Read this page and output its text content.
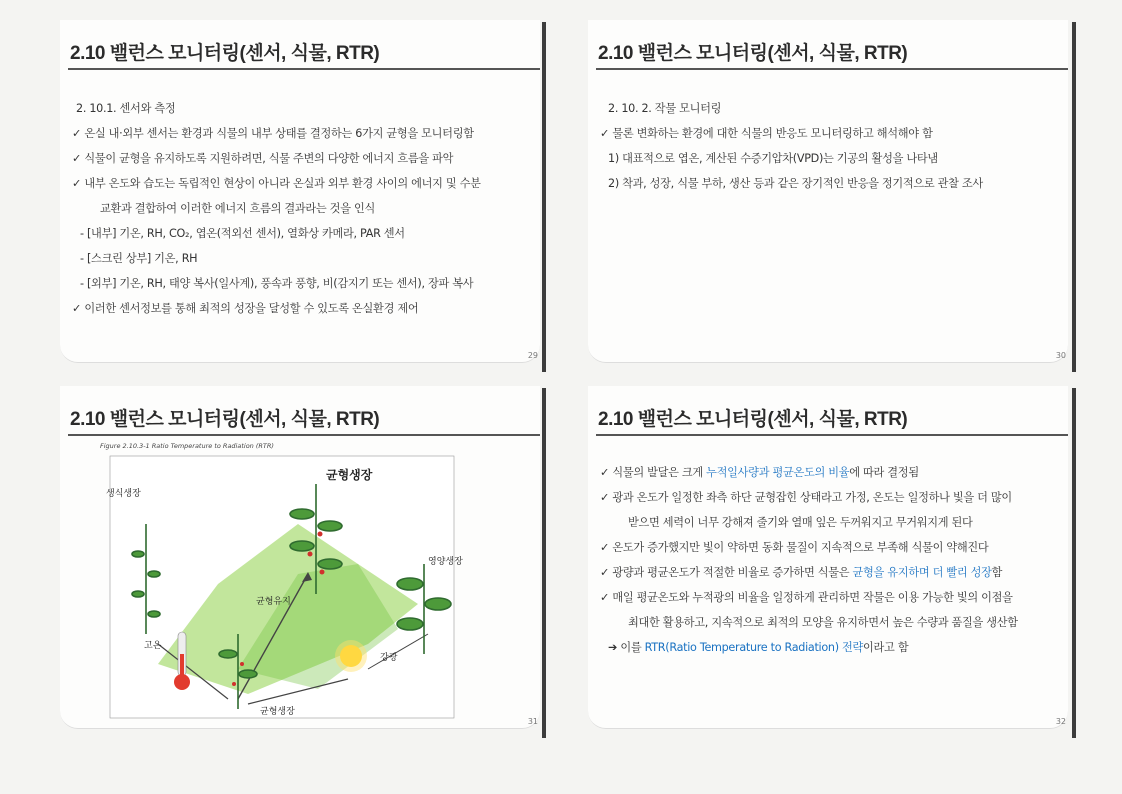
2.10 밸런스 모니터링(센서, 식물, RTR)
2. 10.1. 센서와 측정
✓ 온실 내·외부 센서는 환경과 식물의 내부 상태를 결정하는 6가지 균형을 모니터링함
✓ 식물이 균형을 유지하도록 지원하려면, 식물 주변의 다양한 에너지 흐름을 파악
✓ 내부 온도와 습도는 독립적인 현상이 아니라 온실과 외부 환경 사이의 에너지 및 수분
교환과 결합하여 이러한 에너지 흐름의 결과라는 것을 인식
- [내부] 기온, RH, CO₂, 엽온(적외선 센서), 열화상 카메라, PAR 센서
- [스크린 상부] 기온, RH
- [외부] 기온, RH, 태양 복사(일사계), 풍속과 풍향, 비(감지기 또는 센서), 장파 복사
✓ 이러한 센서정보를 통해 최적의 성장을 달성할 수 있도록 온실환경 제어
29
2.10 밸런스 모니터링(센서, 식물, RTR)
2. 10. 2. 작물 모니터링
✓ 물론 변화하는 환경에 대한 식물의 반응도 모니터링하고 해석해야 함
1) 대표적으로 엽온, 계산된 수증기압차(VPD)는 기공의 활성을 나타냄
2) 착과, 성장, 식물 부하, 생산 등과 같은 장기적인 반응을 정기적으로 관찰 조사
30
2.10 밸런스 모니터링(센서, 식물, RTR)
Figure 2.10.3-1 Ratio Temperature to Radiation (RTR)
균형생장
생식생장
영양생장
균형유지
고온
강광
균형생장
31
2.10 밸런스 모니터링(센서, 식물, RTR)
✓ 식물의 발달은 크게 누적일사량과 평균온도의 비율에 따라 결정됨
✓ 광과 온도가 일정한 좌측 하단 균형잡힌 상태라고 가정, 온도는 일정하나 빛을 더 많이
받으면 세력이 너무 강해져 줄기와 열매 잎은 두꺼워지고 무거워지게 된다
✓ 온도가 증가했지만 빛이 약하면 동화 물질이 지속적으로 부족해 식물이 약해진다
✓ 광량과 평균온도가 적절한 비율로 증가하면 식물은 균형을 유지하며 더 빨리 성장함
✓ 매일 평균온도와 누적광의 비율을 일정하게 관리하면 작물은 이용 가능한 빛의 이점을
최대한 활용하고, 지속적으로 최적의 모양을 유지하면서 높은 수량과 품질을 생산함
➔ 이를 RTR(Ratio Temperature to Radiation) 전략이라고 함
32
